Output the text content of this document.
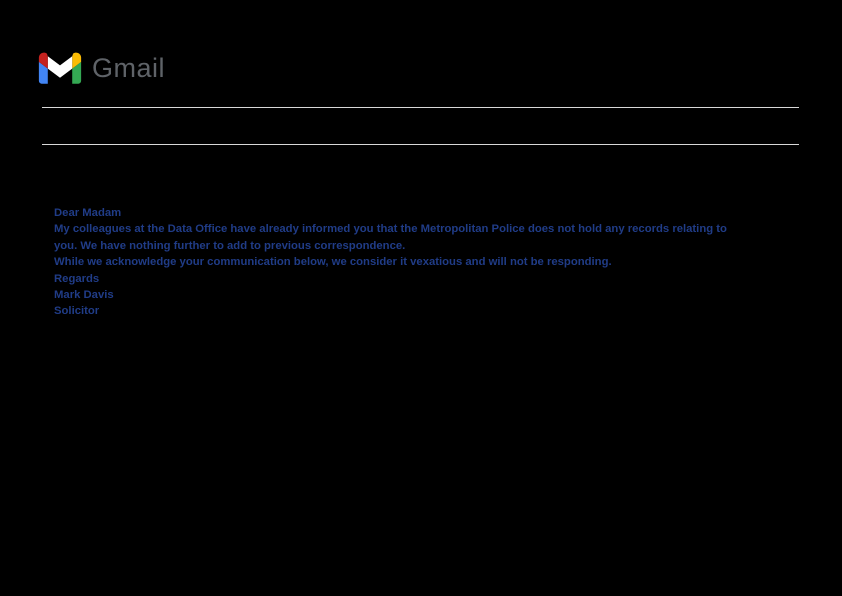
Gmail

Dear Madam

My colleagues at the Data Office have already informed you that the Metropolitan Police does not hold any records relating to
you. We have nothing further to add to previous correspondence.

While we acknowledge your communication below, we consider it vexatious and will not be responding.

Regards

Mark Davis

Solicitor
